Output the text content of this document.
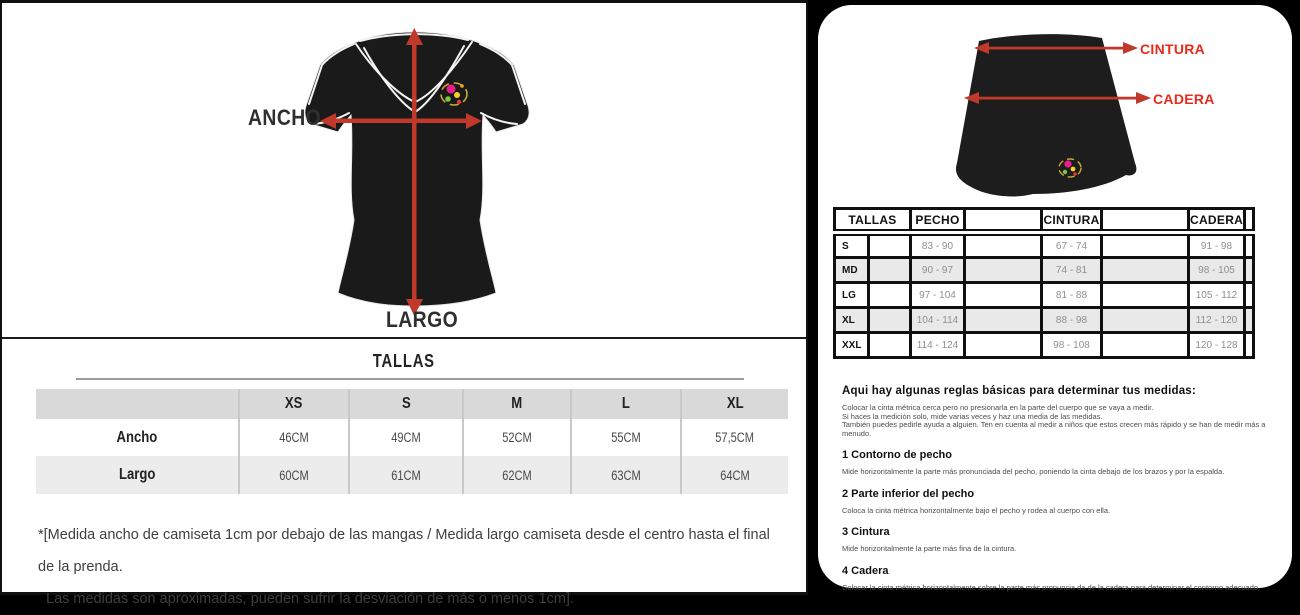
ANCHO
LARGO
TALLAS
XS	S	M	L	XL
Ancho	46CM	49CM	52CM	55CM	57,5CM
Largo	60CM	61CM	62CM	63CM	64CM
*[Medida ancho de camiseta 1cm por debajo de las mangas / Medida largo camiseta desde el centro hasta el final de la prenda.
Las medidas son aproximadas, pueden sufrir la desviación de más o menos 1cm].
CINTURA
CADERA
TALLAS		PECHO		CINTURA		CADERA	
S		83 - 90		67 - 74		91 - 98	
MD		90 - 97		74 - 81		98 - 105	
LG		97 - 104		81 - 88		105 - 112	
XL		104 - 114		88 - 98		112 - 120	
XXL		114 - 124		98 - 108		120 - 128	
Aqui hay algunas reglas básicas para determinar tus medidas:
Colocar la cinta métrica cerca pero no presionarla en la parte del cuerpo que se vaya a medir.
Si haces la medición solo, mide varias veces y haz una media de las medidas.
También puedes pedirle ayuda a alguien. Ten en cuenta al medir a niños que estos crecen más rápido y se han de medir más a menudo.
1 Contorno de pecho
Mide horizontalmente la parte más pronunciada del pecho, poniendo la cinta debajo de los brazos y por la espalda.
2 Parte inferior del pecho
Coloca la cinta métrica horizontalmente bajo el pecho y rodea al cuerpo con ella.
3 Cintura
Mide horizontalmente la parte más fina de la cintura.
4 Cadera
Colocar la cinta métrica horizontalmente sobre la parte más pronuncia da de la cadera para determinar el contorno adecuado.
